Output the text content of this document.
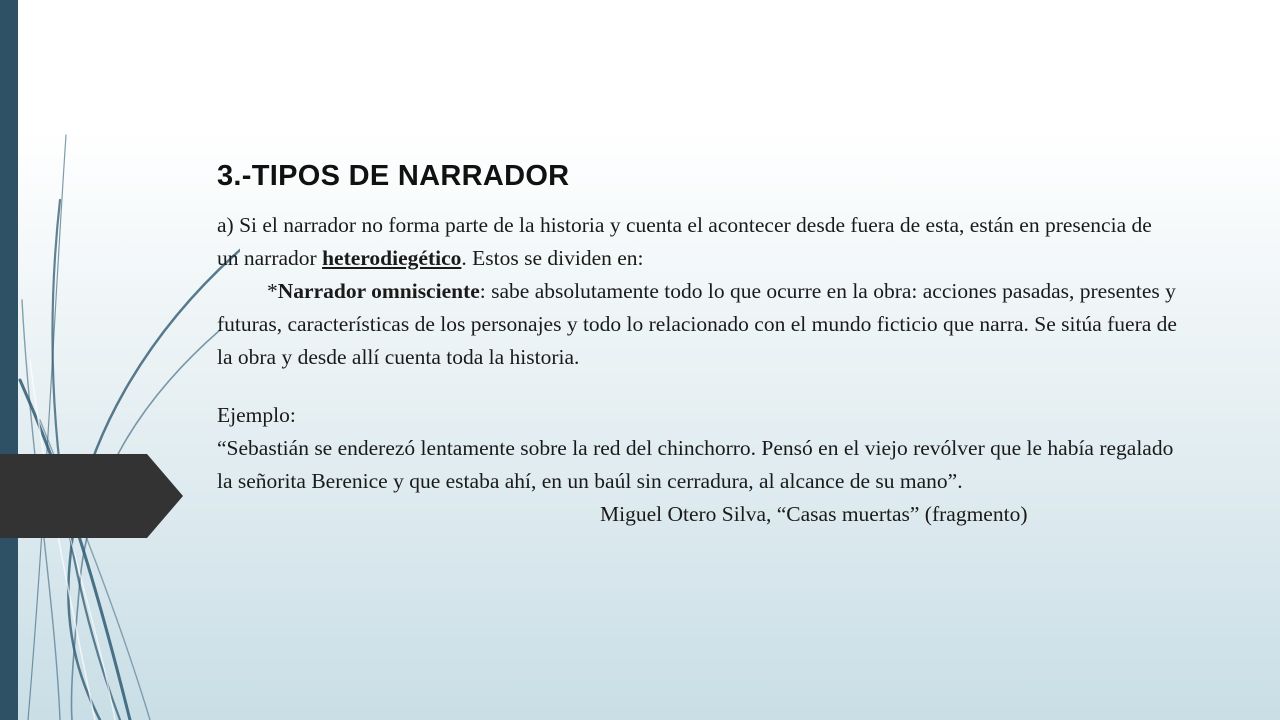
3.-TIPOS DE NARRADOR

a) Si el narrador no forma parte de la historia y cuenta el acontecer desde fuera de esta, están en presencia de un narrador heterodiegético. Estos se dividen en:

*Narrador omnisciente: sabe absolutamente todo lo que ocurre en la obra: acciones pasadas, presentes y futuras, características de los personajes y todo lo relacionado con el mundo ficticio que narra. Se sitúa fuera de la obra y desde allí cuenta toda la historia.

Ejemplo:

“Sebastián se enderezó lentamente sobre la red del chinchorro. Pensó en el viejo revólver que le había regalado la señorita Berenice y que estaba ahí, en un baúl sin cerradura, al alcance de su mano”.

Miguel Otero Silva, “Casas muertas” (fragmento)
